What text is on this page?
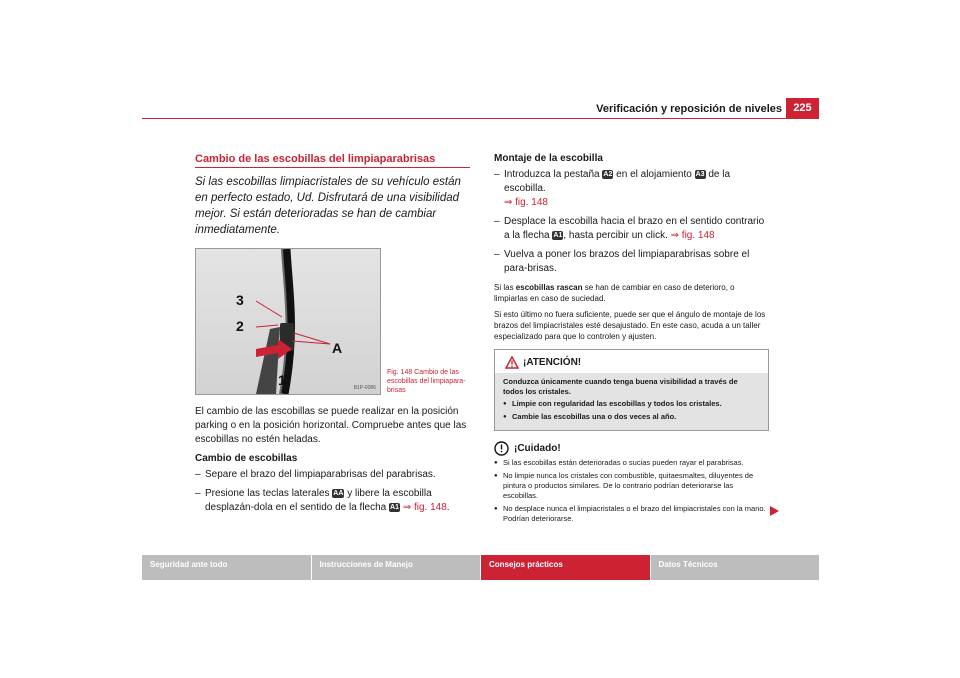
Verificación y reposición de niveles	225
Cambio de las escobillas del limpiaparabrisas

Si las escobillas limpiacristales de su vehículo están en perfecto estado, Ud. Disfrutará de una visibilidad mejor. Si están deterioradas se han de cambiar inmediatamente.

3
2
A
1	B1P-0086
Fig. 148 Cambio de las escobillas del limpiapara-brisas

El cambio de las escobillas se puede realizar en la posición parking o en la posición horizontal. Compruebe antes que las escobillas no estén heladas.

Cambio de escobillas

– Separe el brazo del limpiaparabrisas del parabrisas.
– Presione las teclas laterales AA y libere la escobilla desplazán-dola en el sentido de la flecha A1 ⇒ fig. 148.

Montaje de la escobilla

– Introduzca la pestaña A2 en el alojamiento A3 de la escobilla.
⇒ fig. 148
– Desplace la escobilla hacia el brazo en el sentido contrario a la flecha A1, hasta percibir un click. ⇒ fig. 148
– Vuelva a poner los brazos del limpiaparabrisas sobre el para-brisas.

Si las escobillas rascan se han de cambiar en caso de deterioro, o limpiarlas en caso de suciedad.

Si esto último no fuera suficiente, puede ser que el ángulo de montaje de los brazos del limpiacristales esté desajustado. En este caso, acuda a un taller especializado para que lo controlen y ajusten.

¡ATENCIÓN!

Conduzca únicamente cuando tenga buena visibilidad a través de todos los cristales.

● Limpie con regularidad las escobillas y todos los cristales.
● Cambie las escobillas una o dos veces al año.
¡Cuidado!
● Si las escobillas están deterioradas o sucias pueden rayar el parabrisas.
● No limpie nunca los cristales con combustible, quitaesmaltes, diluyentes de pintura o productos similares. De lo contrario podrían deteriorarse las escobillas.
● No desplace nunca el limpiacristales o el brazo del limpiacristales con la mano. Podrían deteriorarse.
Seguridad ante todo	Instrucciones de Manejo	Consejos prácticos	Datos Técnicos
